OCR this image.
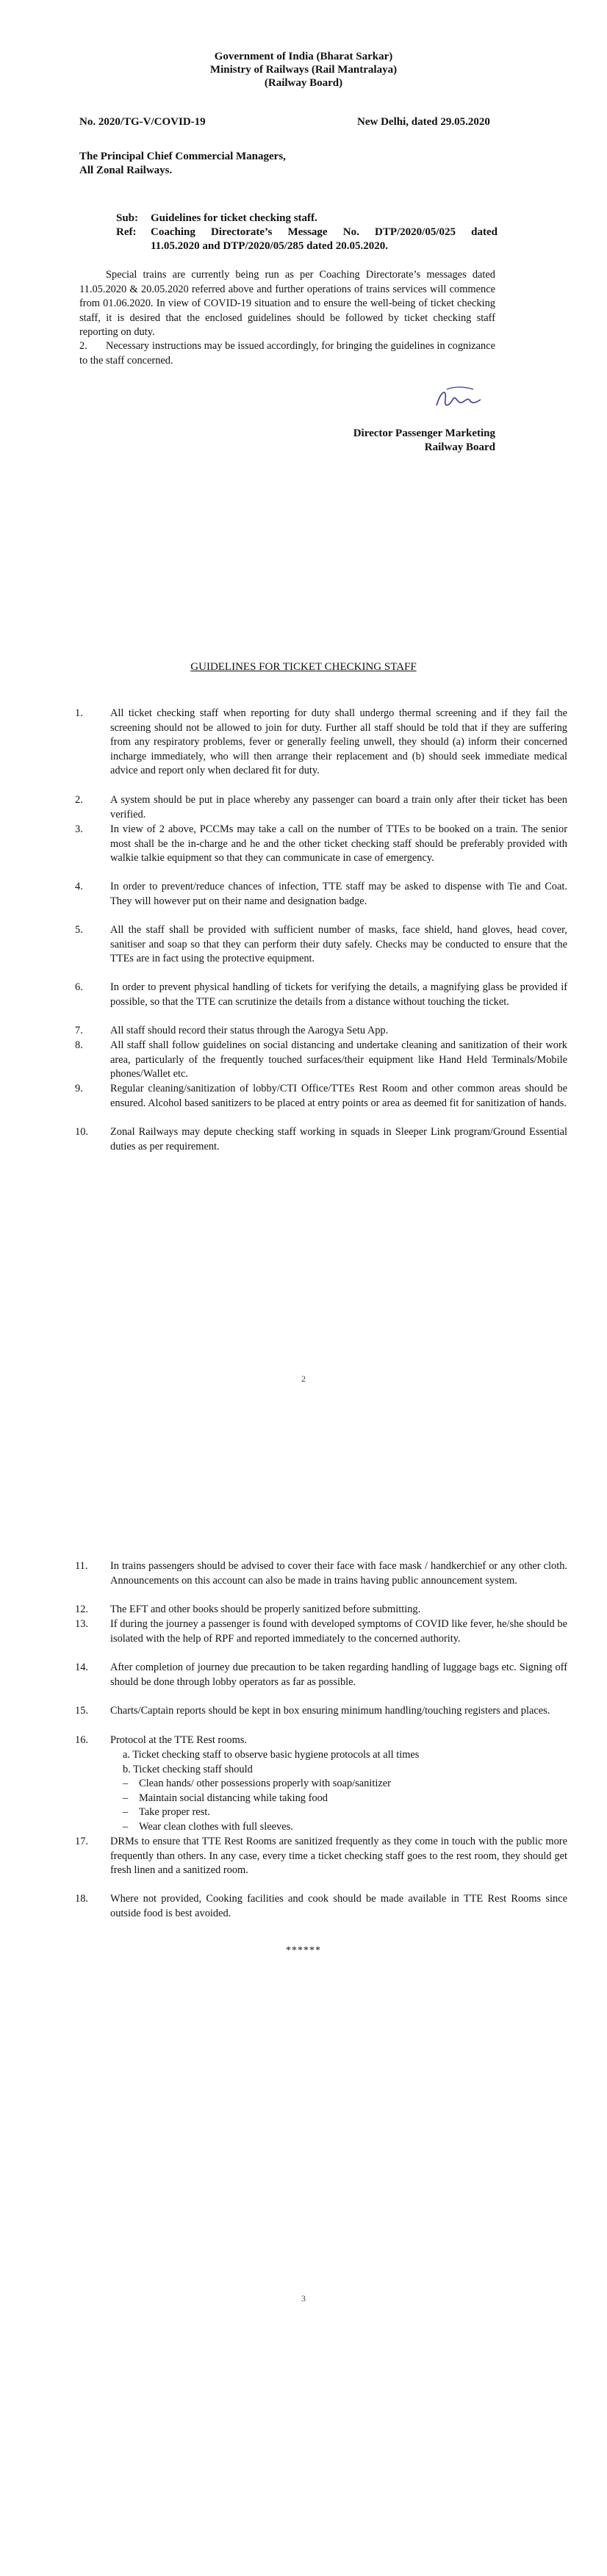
Government of India (Bharat Sarkar)
Ministry of Railways (Rail Mantralaya)
(Railway Board)
No. 2020/TG-V/COVID-19	New Delhi, dated 29.05.2020
The Principal Chief Commercial Managers,
All Zonal Railways.
Sub: Guidelines for ticket checking staff.
Ref: Coaching Directorate’s Message No. DTP/2020/05/025 dated
11.05.2020 and DTP/2020/05/285 dated 20.05.2020.
Special trains are currently being run as per Coaching Directorate’s messages dated 11.05.2020 & 20.05.2020 referred above and further operations of trains services will commence from 01.06.2020. In view of COVID-19 situation and to ensure the well-being of ticket checking staff, it is desired that the enclosed guidelines should be followed by ticket checking staff reporting on duty.
2.	Necessary instructions may be issued accordingly, for bringing the guidelines in cognizance to the staff concerned.
Director Passenger Marketing
Railway Board
GUIDELINES FOR TICKET CHECKING STAFF
1.	All ticket checking staff when reporting for duty shall undergo thermal screening and if they fail the screening should not be allowed to join for duty. Further all staff should be told that if they are suffering from any respiratory problems, fever or generally feeling unwell, they should (a) inform their concerned incharge immediately, who will then arrange their replacement and (b) should seek immediate medical advice and report only when declared fit for duty.
2.	A system should be put in place whereby any passenger can board a train only after their ticket has been verified.
3.	In view of 2 above, PCCMs may take a call on the number of TTEs to be booked on a train. The senior most shall be the in-charge and he and the other ticket checking staff should be preferably provided with walkie talkie equipment so that they can communicate in case of emergency.
4.	In order to prevent/reduce chances of infection, TTE staff may be asked to dispense with Tie and Coat. They will however put on their name and designation badge.
5.	All the staff shall be provided with sufficient number of masks, face shield, hand gloves, head cover, sanitiser and soap so that they can perform their duty safely. Checks may be conducted to ensure that the TTEs are in fact using the protective equipment.
6.	In order to prevent physical handling of tickets for verifying the details, a magnifying glass be provided if possible, so that the TTE can scrutinize the details from a distance without touching the ticket.
7.	All staff should record their status through the Aarogya Setu App.
8.	All staff shall follow guidelines on social distancing and undertake cleaning and sanitization of their work area, particularly of the frequently touched surfaces/their equipment like Hand Held Terminals/Mobile phones/Wallet etc.
9.	Regular cleaning/sanitization of lobby/CTI Office/TTEs Rest Room and other common areas should be ensured. Alcohol based sanitizers to be placed at entry points or area as deemed fit for sanitization of hands.
10.	Zonal Railways may depute checking staff working in squads in Sleeper Link program/Ground Essential duties as per requirement.
2
11.	In trains passengers should be advised to cover their face with face mask / handkerchief or any other cloth. Announcements on this account can also be made in trains having public announcement system.
12.	The EFT and other books should be properly sanitized before submitting.
13.	If during the journey a passenger is found with developed symptoms of COVID like fever, he/she should be isolated with the help of RPF and reported immediately to the concerned authority.
14.	After completion of journey due precaution to be taken regarding handling of luggage bags etc. Signing off should be done through lobby operators as far as possible.
15.	Charts/Captain reports should be kept in box ensuring minimum handling/touching registers and places.
16.	Protocol at the TTE Rest rooms.
a. Ticket checking staff to observe basic hygiene protocols at all times
b. Ticket checking staff should
– Clean hands/ other possessions properly with soap/sanitizer
– Maintain social distancing while taking food
– Take proper rest.
– Wear clean clothes with full sleeves.
17.	DRMs to ensure that TTE Rest Rooms are sanitized frequently as they come in touch with the public more frequently than others. In any case, every time a ticket checking staff goes to the rest room, they should get fresh linen and a sanitized room.
18.	Where not provided, Cooking facilities and cook should be made available in TTE Rest Rooms since outside food is best avoided.
******
3
